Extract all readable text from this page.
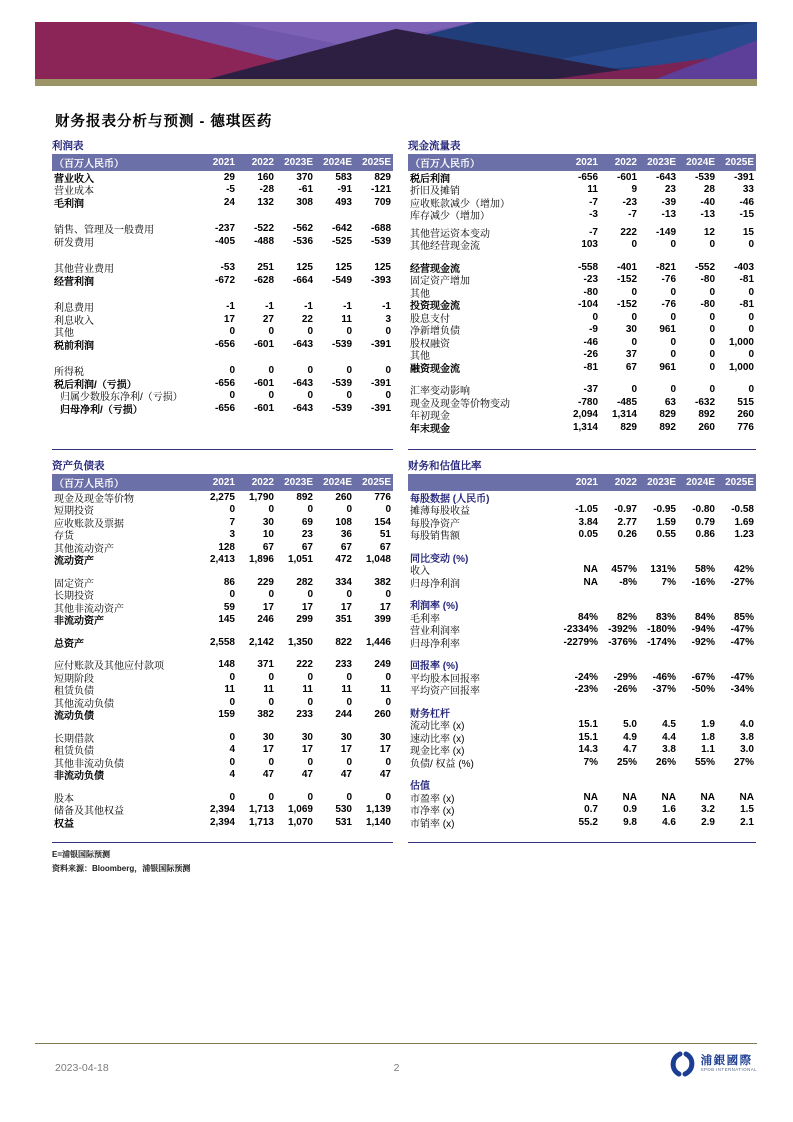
财务报表分析与预测 - 德琪医药
利润表
（百万人民币）	2021	2022	2023E	2024E	2025E
营业收入	29	160	370	583	829
营业成本	-5	-28	-61	-91	-121
毛利润	24	132	308	493	709
销售、管理及一般费用	-237	-522	-562	-642	-688
研发费用	-405	-488	-536	-525	-539
其他营业费用	-53	251	125	125	125
经营利润	-672	-628	-664	-549	-393
利息费用	-1	-1	-1	-1	-1
利息收入	17	27	22	11	3
其他	0	0	0	0	0
税前利润	-656	-601	-643	-539	-391
所得税	0	0	0	0	0
税后利润/（亏损）	-656	-601	-643	-539	-391
归属少数股东净利/（亏损）	0	0	0	0	0
归母净利/（亏损）	-656	-601	-643	-539	-391
现金流量表
（百万人民币）	2021	2022	2023E	2024E	2025E
税后利润	-656	-601	-643	-539	-391
折旧及摊销	11	9	23	28	33
应收账款减少（增加）	-7	-23	-39	-40	-46
库存减少（增加）	-3	-7	-13	-13	-15
其他营运资本变动	-7	222	-149	12	15
其他经营现金流	103	0	0	0	0
经营现金流	-558	-401	-821	-552	-403
固定资产增加	-23	-152	-76	-80	-81
其他	-80	0	0	0	0
投资现金流	-104	-152	-76	-80	-81
股息支付	0	0	0	0	0
净新增负债	-9	30	961	0	0
股权融资	-46	0	0	0	1,000
其他	-26	37	0	0	0
融资现金流	-81	67	961	0	1,000
汇率变动影响	-37	0	0	0	0
现金及现金等价物变动	-780	-485	63	-632	515
年初现金	2,094	1,314	829	892	260
年末现金	1,314	829	892	260	776
资产负债表
（百万人民币）	2021	2022	2023E	2024E	2025E
现金及现金等价物	2,275	1,790	892	260	776
短期投资	0	0	0	0	0
应收账款及票据	7	30	69	108	154
存货	3	10	23	36	51
其他流动资产	128	67	67	67	67
流动资产	2,413	1,896	1,051	472	1,048
固定资产	86	229	282	334	382
长期投资	0	0	0	0	0
其他非流动资产	59	17	17	17	17
非流动资产	145	246	299	351	399
总资产	2,558	2,142	1,350	822	1,446
应付账款及其他应付款项	148	371	222	233	249
短期阶段	0	0	0	0	0
租赁负债	11	11	11	11	11
其他流动负债	0	0	0	0	0
流动负债	159	382	233	244	260
长期借款	0	30	30	30	30
租赁负债	4	17	17	17	17
其他非流动负债	0	0	0	0	0
非流动负债	4	47	47	47	47
股本	0	0	0	0	0
储备及其他权益	2,394	1,713	1,069	530	1,139
权益	2,394	1,713	1,070	531	1,140
财务和估值比率
2021	2022	2023E	2024E	2025E
每股数据 (人民币)
摊薄每股收益	-1.05	-0.97	-0.95	-0.80	-0.58
每股净资产	3.84	2.77	1.59	0.79	1.69
每股销售额	0.05	0.26	0.55	0.86	1.23
同比变动 (%)
收入	NA	457%	131%	58%	42%
归母净利润	NA	-8%	7%	-16%	-27%
利润率 (%)
毛利率	84%	82%	83%	84%	85%
营业利润率	-2334%	-392%	-180%	-94%	-47%
归母净利率	-2279%	-376%	-174%	-92%	-47%
回报率 (%)
平均股本回报率	-24%	-29%	-46%	-67%	-47%
平均资产回报率	-23%	-26%	-37%	-50%	-34%
财务杠杆
流动比率 (x)	15.1	5.0	4.5	1.9	4.0
速动比率 (x)	15.1	4.9	4.4	1.8	3.8
现金比率 (x)	14.3	4.7	3.8	1.1	3.0
负债/ 权益 (%)	7%	25%	26%	55%	27%
估值
市盈率 (x)	NA	NA	NA	NA	NA
市净率 (x)	0.7	0.9	1.6	3.2	1.5
市销率 (x)	55.2	9.8	4.6	2.9	2.1
E=浦银国际预测
资料来源：Bloomberg，浦银国际预测
2
2023-04-18
浦銀國際
SPDB INTERNATIONAL
